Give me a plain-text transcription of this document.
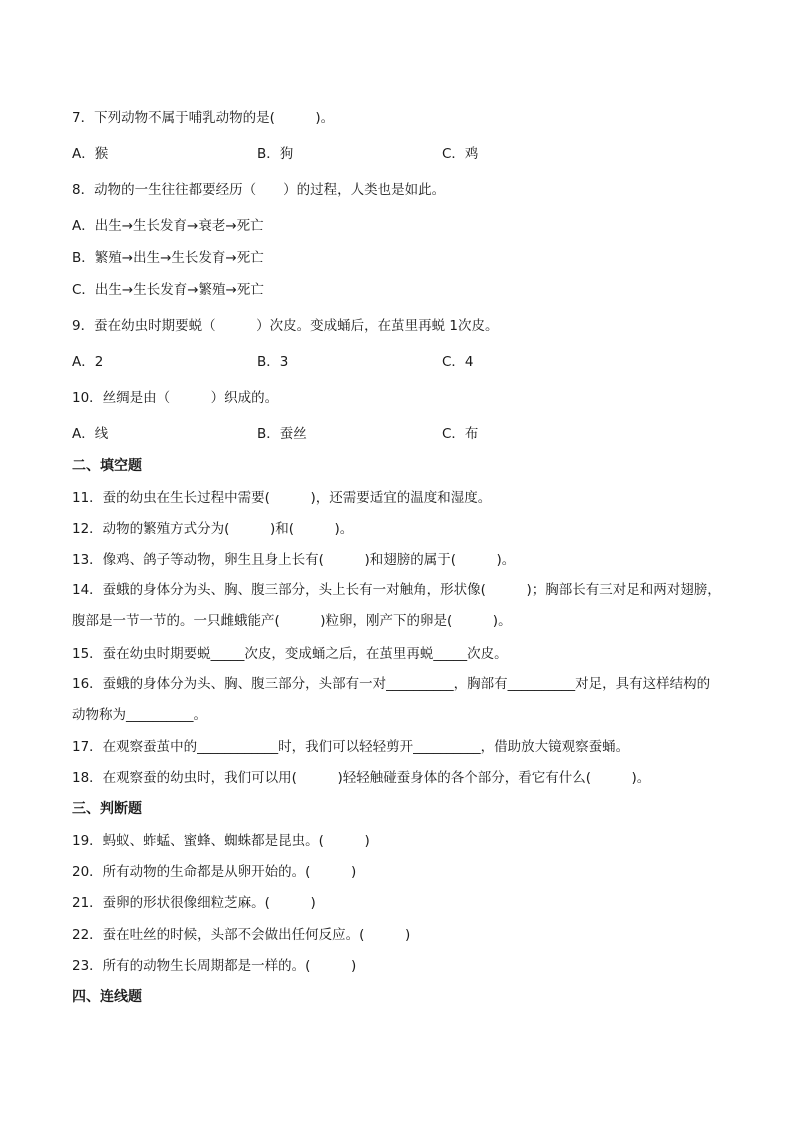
7．下列动物不属于哺乳动物的是(　　　)。
A．猴	B．狗	C．鸡
8．动物的一生往往都要经历（　　）的过程，人类也是如此。
A．出生→生长发育→衰老→死亡
B．繁殖→出生→生长发育→死亡
C．出生→生长发育→繁殖→死亡
9．蚕在幼虫时期要蜕（　　　）次皮。变成蛹后，在茧里再蜕 1次皮。
A．2	B．3	C．4
10．丝绸是由（　　　）织成的。
A．线	B．蚕丝	C．布
二、填空题
11．蚕的幼虫在生长过程中需要(　　　)，还需要适宜的温度和湿度。
12．动物的繁殖方式分为(　　　)和(　　　)。
13．像鸡、鸽子等动物，卵生且身上长有(　　　)和翅膀的属于(　　　)。
14．蚕蛾的身体分为头、胸、腹三部分，头上长有一对触角，形状像(　　　)；胸部长有三对足和两对翅膀，腹部是一节一节的。一只雌蛾能产(　　　)粒卵，刚产下的卵是(　　　)。
15．蚕在幼虫时期要蜕_____次皮，变成蛹之后，在茧里再蜕_____次皮。
16．蚕蛾的身体分为头、胸、腹三部分，头部有一对__________，胸部有__________对足，具有这样结构的动物称为__________。
17．在观察蚕茧中的____________时，我们可以轻轻剪开__________，借助放大镜观察蚕蛹。
18．在观察蚕的幼虫时，我们可以用(　　　)轻轻触碰蚕身体的各个部分，看它有什么(　　　)。
三、判断题
19．蚂蚁、蚱蜢、蜜蜂、蜘蛛都是昆虫。(　　　)
20．所有动物的生命都是从卵开始的。(　　　)
21．蚕卵的形状很像细粒芝麻。(　　　)
22．蚕在吐丝的时候，头部不会做出任何反应。(　　　)
23．所有的动物生长周期都是一样的。(　　　)
四、连线题
